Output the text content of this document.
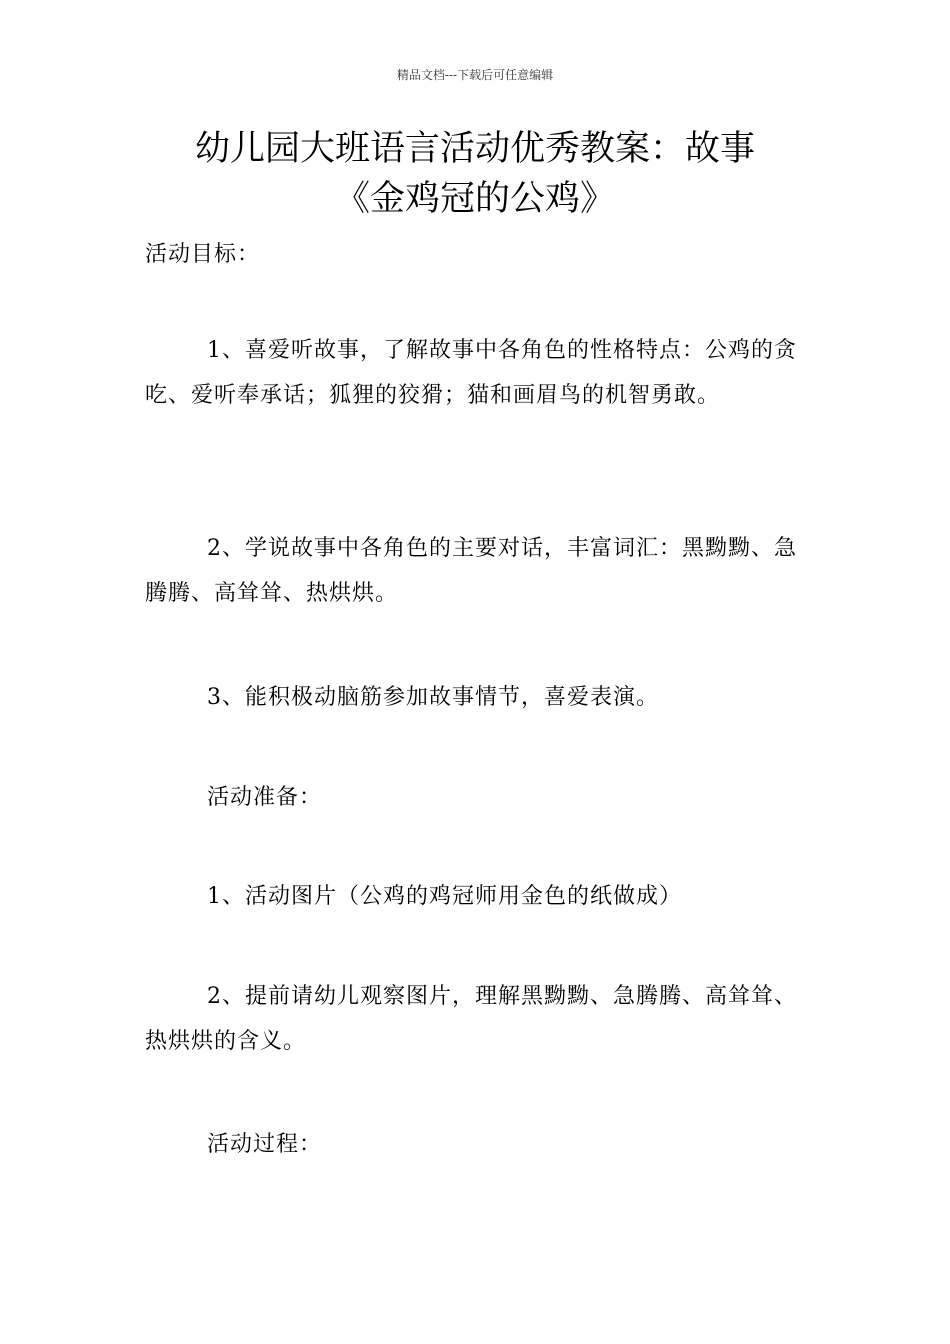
精品文档---下载后可任意编辑
幼儿园大班语言活动优秀教案：故事
《金鸡冠的公鸡》

活动目标：

1、喜爱听故事，了解故事中各角色的性格特点：公鸡的贪吃、爱听奉承话；狐狸的狡猾；猫和画眉鸟的机智勇敢。

2、学说故事中各角色的主要对话，丰富词汇：黑黝黝、急腾腾、高耸耸、热烘烘。

3、能积极动脑筋参加故事情节，喜爱表演。

活动准备：

1、活动图片（公鸡的鸡冠师用金色的纸做成）

2、提前请幼儿观察图片，理解黑黝黝、急腾腾、高耸耸、热烘烘的含义。

活动过程：
